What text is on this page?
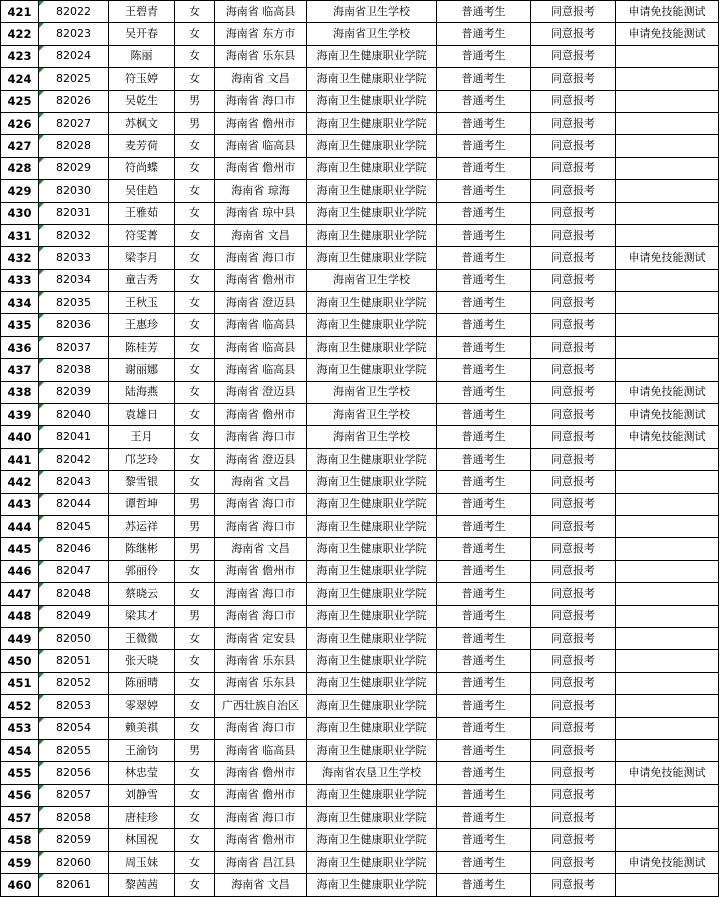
421	82022	王碧青	女	海南省 临高县	海南省卫生学校	普通考生	同意报考	申请免技能测试
422	82023	吴开春	女	海南省 东方市	海南省卫生学校	普通考生	同意报考	申请免技能测试
423	82024	陈丽	女	海南省 乐东县	海南卫生健康职业学院	普通考生	同意报考	
424	82025	符玉婷	女	海南省 文昌	海南卫生健康职业学院	普通考生	同意报考	
425	82026	吴乾生	男	海南省 海口市	海南卫生健康职业学院	普通考生	同意报考	
426	82027	苏枫文	男	海南省 儋州市	海南卫生健康职业学院	普通考生	同意报考	
427	82028	麦芳荷	女	海南省 临高县	海南卫生健康职业学院	普通考生	同意报考	
428	82029	符尚蝶	女	海南省 儋州市	海南卫生健康职业学院	普通考生	同意报考	
429	82030	吴佳趋	女	海南省 琼海	海南卫生健康职业学院	普通考生	同意报考	
430	82031	王雅茹	女	海南省 琼中县	海南卫生健康职业学院	普通考生	同意报考	
431	82032	符雯菁	女	海南省 文昌	海南卫生健康职业学院	普通考生	同意报考	
432	82033	梁李月	女	海南省 海口市	海南卫生健康职业学院	普通考生	同意报考	申请免技能测试
433	82034	童吉秀	女	海南省 儋州市	海南省卫生学校	普通考生	同意报考	
434	82035	王秋玉	女	海南省 澄迈县	海南卫生健康职业学院	普通考生	同意报考	
435	82036	王惠珍	女	海南省 临高县	海南卫生健康职业学院	普通考生	同意报考	
436	82037	陈桂芳	女	海南省 临高县	海南卫生健康职业学院	普通考生	同意报考	
437	82038	谢丽娜	女	海南省 临高县	海南卫生健康职业学院	普通考生	同意报考	
438	82039	陆海燕	女	海南省 澄迈县	海南省卫生学校	普通考生	同意报考	申请免技能测试
439	82040	袁雄日	女	海南省 儋州市	海南省卫生学校	普通考生	同意报考	申请免技能测试
440	82041	王月	女	海南省 海口市	海南省卫生学校	普通考生	同意报考	申请免技能测试
441	82042	邝芝玲	女	海南省 澄迈县	海南卫生健康职业学院	普通考生	同意报考	
442	82043	黎雪银	女	海南省 文昌	海南卫生健康职业学院	普通考生	同意报考	
443	82044	谭哲坤	男	海南省 海口市	海南卫生健康职业学院	普通考生	同意报考	
444	82045	苏运祥	男	海南省 海口市	海南卫生健康职业学院	普通考生	同意报考	
445	82046	陈继彬	男	海南省 文昌	海南卫生健康职业学院	普通考生	同意报考	
446	82047	郭丽伶	女	海南省 儋州市	海南卫生健康职业学院	普通考生	同意报考	
447	82048	蔡晓云	女	海南省 海口市	海南卫生健康职业学院	普通考生	同意报考	
448	82049	梁其才	男	海南省 海口市	海南卫生健康职业学院	普通考生	同意报考	
449	82050	王微微	女	海南省 定安县	海南卫生健康职业学院	普通考生	同意报考	
450	82051	张天晓	女	海南省 乐东县	海南卫生健康职业学院	普通考生	同意报考	
451	82052	陈丽晴	女	海南省 乐东县	海南卫生健康职业学院	普通考生	同意报考	
452	82053	零翠婷	女	广西壮族自治区	海南卫生健康职业学院	普通考生	同意报考	
453	82054	赖美祺	女	海南省 海口市	海南卫生健康职业学院	普通考生	同意报考	
454	82055	王渝钧	男	海南省 临高县	海南卫生健康职业学院	普通考生	同意报考	
455	82056	林忠莹	女	海南省 儋州市	海南省农垦卫生学校	普通考生	同意报考	申请免技能测试
456	82057	刘静雪	女	海南省 儋州市	海南卫生健康职业学院	普通考生	同意报考	
457	82058	唐桂珍	女	海南省 海口市	海南卫生健康职业学院	普通考生	同意报考	
458	82059	林国祝	女	海南省 儋州市	海南卫生健康职业学院	普通考生	同意报考	
459	82060	周玉妹	女	海南省 昌江县	海南卫生健康职业学院	普通考生	同意报考	申请免技能测试
460	82061	黎茜茜	女	海南省 文昌	海南卫生健康职业学院	普通考生	同意报考	
